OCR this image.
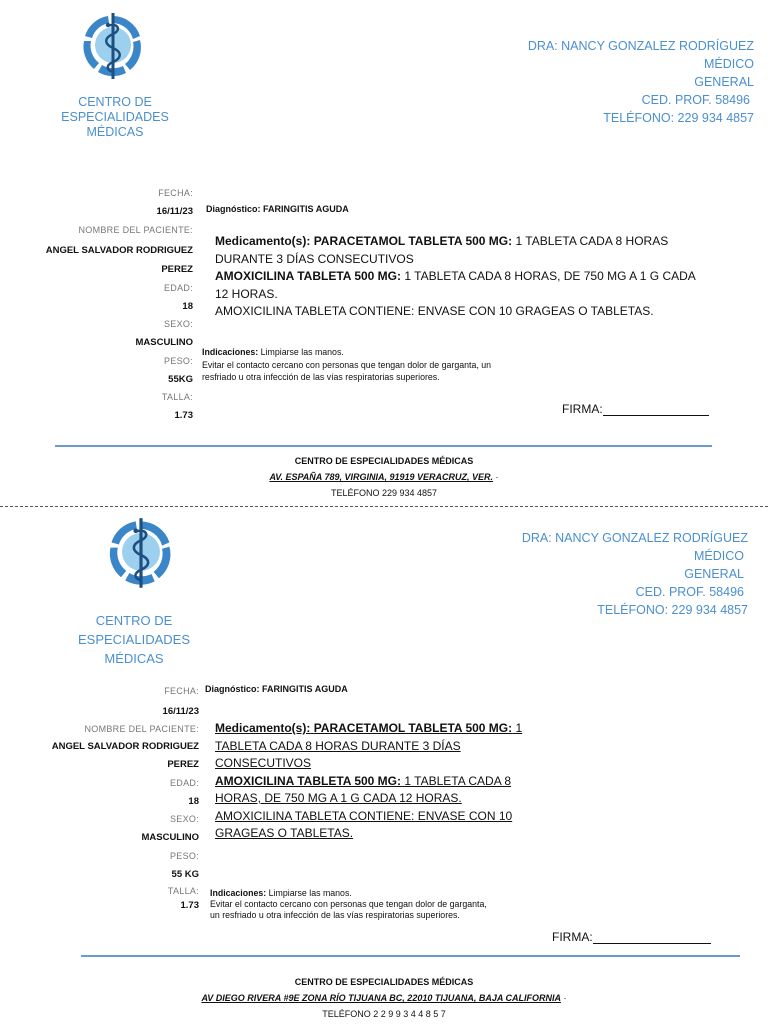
CENTRO DE
ESPECIALIDADES
MÉDICAS
DRA: NANCY GONZALEZ RODRÍGUEZ
MÉDICO
GENERAL
CED. PROF. 58496
TELÉFONO: 229 934 4857
FECHA:
16/11/23
NOMBRE DEL PACIENTE:
ANGEL SALVADOR RODRIGUEZ
PEREZ
EDAD:
18
SEXO:
MASCULINO
PESO:
55KG
TALLA:
1.73
Diagnóstico: FARINGITIS AGUDA
Medicamento(s): PARACETAMOL TABLETA 500 MG: 1 TABLETA CADA 8 HORAS
DURANTE 3 DÍAS CONSECUTIVOS
AMOXICILINA TABLETA 500 MG: 1 TABLETA CADA 8 HORAS, DE 750 MG A 1 G CADA
12 HORAS.
AMOXICILINA TABLETA CONTIENE: ENVASE CON 10 GRAGEAS O TABLETAS.
Indicaciones: Limpiarse las manos.
Evitar el contacto cercano con personas que tengan dolor de garganta, un
resfriado u otra infección de las vías respiratorias superiores.
FIRMA:
CENTRO DE ESPECIALIDADES MÉDICAS
AV. ESPAÑA 789, VIRGINIA, 91919 VERACRUZ, VER. ·
TELÉFONO 229 934 4857
CENTRO DE
ESPECIALIDADES
MÉDICAS
DRA: NANCY GONZALEZ RODRÍGUEZ
MÉDICO
GENERAL
CED. PROF. 58496
TELÉFONO: 229 934 4857
FECHA:
16/11/23
NOMBRE DEL PACIENTE:
ANGEL SALVADOR RODRIGUEZ
PEREZ
EDAD:
18
SEXO:
MASCULINO
PESO:
55 KG
TALLA:
1.73
Diagnóstico: FARINGITIS AGUDA
Medicamento(s): PARACETAMOL TABLETA 500 MG: 1
TABLETA CADA 8 HORAS DURANTE 3 DÍAS CONSECUTIVOS
AMOXICILINA TABLETA 500 MG: 1 TABLETA CADA 8
HORAS, DE 750 MG A 1 G CADA 12 HORAS.
AMOXICILINA TABLETA CONTIENE: ENVASE CON 10
GRAGEAS O TABLETAS.
Indicaciones: Limpiarse las manos.
Evitar el contacto cercano con personas que tengan dolor de garganta,
un resfriado u otra infección de las vías respiratorias superiores.
FIRMA:
CENTRO DE ESPECIALIDADES MÉDICAS
AV DIEGO RIVERA #9E ZONA RÍO TIJUANA BC, 22010 TIJUANA, BAJA CALIFORNIA ·
TELÉFONO 2 2 9 9 3 4 4 8 5 7
